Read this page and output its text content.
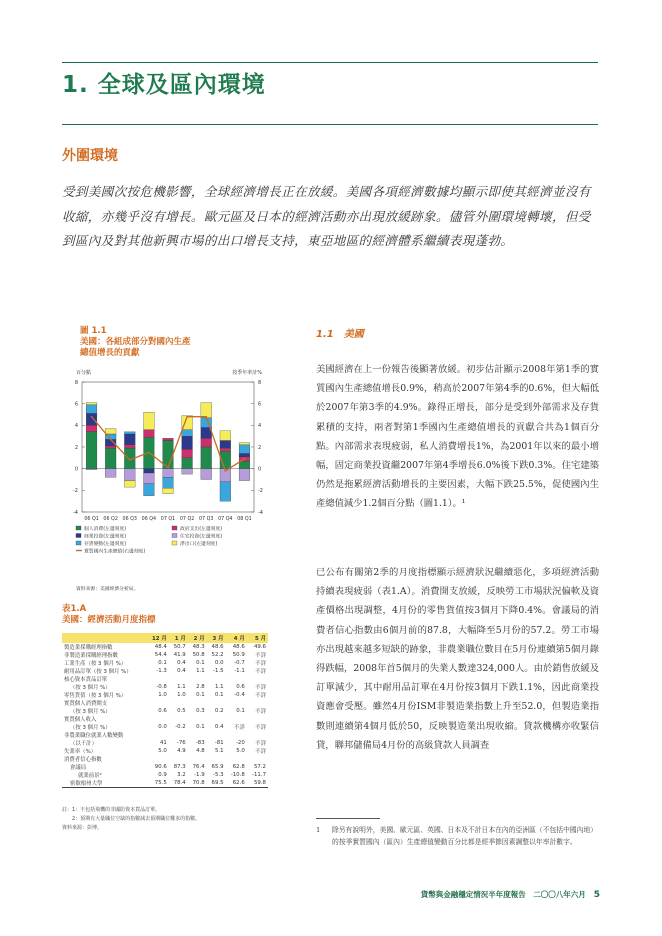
1. 全球及區內環境
外圍環境
受到美國次按危機影響，全球經濟增長正在放緩。美國各項經濟數據均顯示即使其經濟並沒有收縮，亦幾乎沒有增長。歐元區及日本的經濟活動亦出現放緩跡象。儘管外圍環境轉壞，但受到區內及對其他新興市場的出口增長支持，東亞地區的經濟體系繼續表現蓬勃。
圖 1.1
美國：各組成部分對國內生產
總值增長的貢獻
百分點	按季年率計%
-4	-4
-2	-2
0	0
2	2
4	4
6	6
8	8
06 Q1 06 Q2 06 Q3 06 Q4 07 Q1 07 Q2 07 Q3 07 Q4 08 Q1
個人消費(左邊刻度)	政府支出(左邊刻度)
商業投資(左邊刻度)	住宅投資(左邊刻度)
存貨變動(左邊刻度)	淨出口(左邊刻度)
實質國內生產總值(右邊刻度)
資料來源：美國經濟分析局。
表1.A
美國：經濟活動月度指標
	12 月	1 月	2 月	3 月	4 月	5 月
製造業採購經理指數	48.4	50.7	48.3	48.6	48.6	49.6
非製造業採購經理指數	54.4	41.9	50.8	52.2	50.9	不詳
工業生產（按 3 個月 %）	0.1	0.4	0.1	0.0	-0.7	不詳
耐用品訂單（按 3 個月 %）	-1.3	0.4	1.1	-1.5	-1.1	不詳
核心資本貨品訂單						
（按 3 個月 %）	-0.8	1.1	2.8	1.1	0.6	不詳
零售貨值（按 3 個月 %）	1.0	1.0	0.1	0.1	-0.4	不詳
實質個人消費開支						
（按 3 個月 %）	0.6	0.5	0.3	0.2	0.1	不詳
實質個人收入						
（按 3 個月 %）	0.0	-0.2	0.1	0.4	不詳	不詳
非農業職位就業人數變動						
（以千計）	41	-76	-83	-81	-20	不詳
失業率（%）	5.0	4.9	4.8	5.1	5.0	不詳
消費者信心指數						
會議局	90.6	87.3	76.4	65.9	62.8	57.2
就業前景²	0.9	3.2	-1.9	-5.3	-10.8	-11.7
密歇根州大學	75.5	78.4	70.8	69.5	62.6	59.8
註：1：不包括飛機的非國防資本貨品訂單。
　　2：預期有大量職位空缺的指數減去預期職位難求的指數。
資料來源：彭博。
1.1　美國
美國經濟在上一份報告後顯著放緩。初步估計顯示2008年第1季的實質國內生產總值增長0.9%，稍高於2007年第4季的0.6%，但大幅低於2007年第3季的4.9%。錄得正增長，部分是受到外部需求及存貨累積的支持，兩者對第1季國內生產總值增長的貢獻合共為1個百分點。內部需求表現疲弱，私人消費增長1%，為2001年以來的最小增幅，固定商業投資繼2007年第4季增長6.0%後下跌0.3%。住宅建築仍然是拖累經濟活動增長的主要因素，大幅下跌25.5%，促使國內生產總值減少1.2個百分點（圖1.1）。¹
已公布有關第2季的月度指標顯示經濟狀況繼續惡化，多項經濟活動持續表現疲弱（表1.A）。消費開支放緩，反映勞工市場狀況偏軟及資產價格出現調整，4月份的零售貨值按3個月下降0.4%。會議局的消費者信心指數由6個月前的87.8，大幅降至5月份的57.2。勞工市場亦出現越來越多短缺的跡象，非農業職位數目在5月份連續第5個月錄得跌幅，2008年首5個月的失業人數達324,000人。由於銷售放緩及訂單減少，其中耐用品訂單在4月份按3個月下跌1.1%，因此商業投資應會受壓。雖然4月份ISM非製造業指數上升至52.0，但製造業指數則連續第4個月低於50，反映製造業出現收縮。貸款機構亦收緊信貸，聯邦儲備局4月份的高級貸款人員調查
1 除另有說明外，美國、歐元區、英國、日本及不計日本在內的亞洲區（不包括中國內地）的按季實質國內（區內）生產總值變動百分比都是經季節因素調整以年率計數字。
貨幣與金融穩定情況半年度報告　二〇〇八年六月 5
